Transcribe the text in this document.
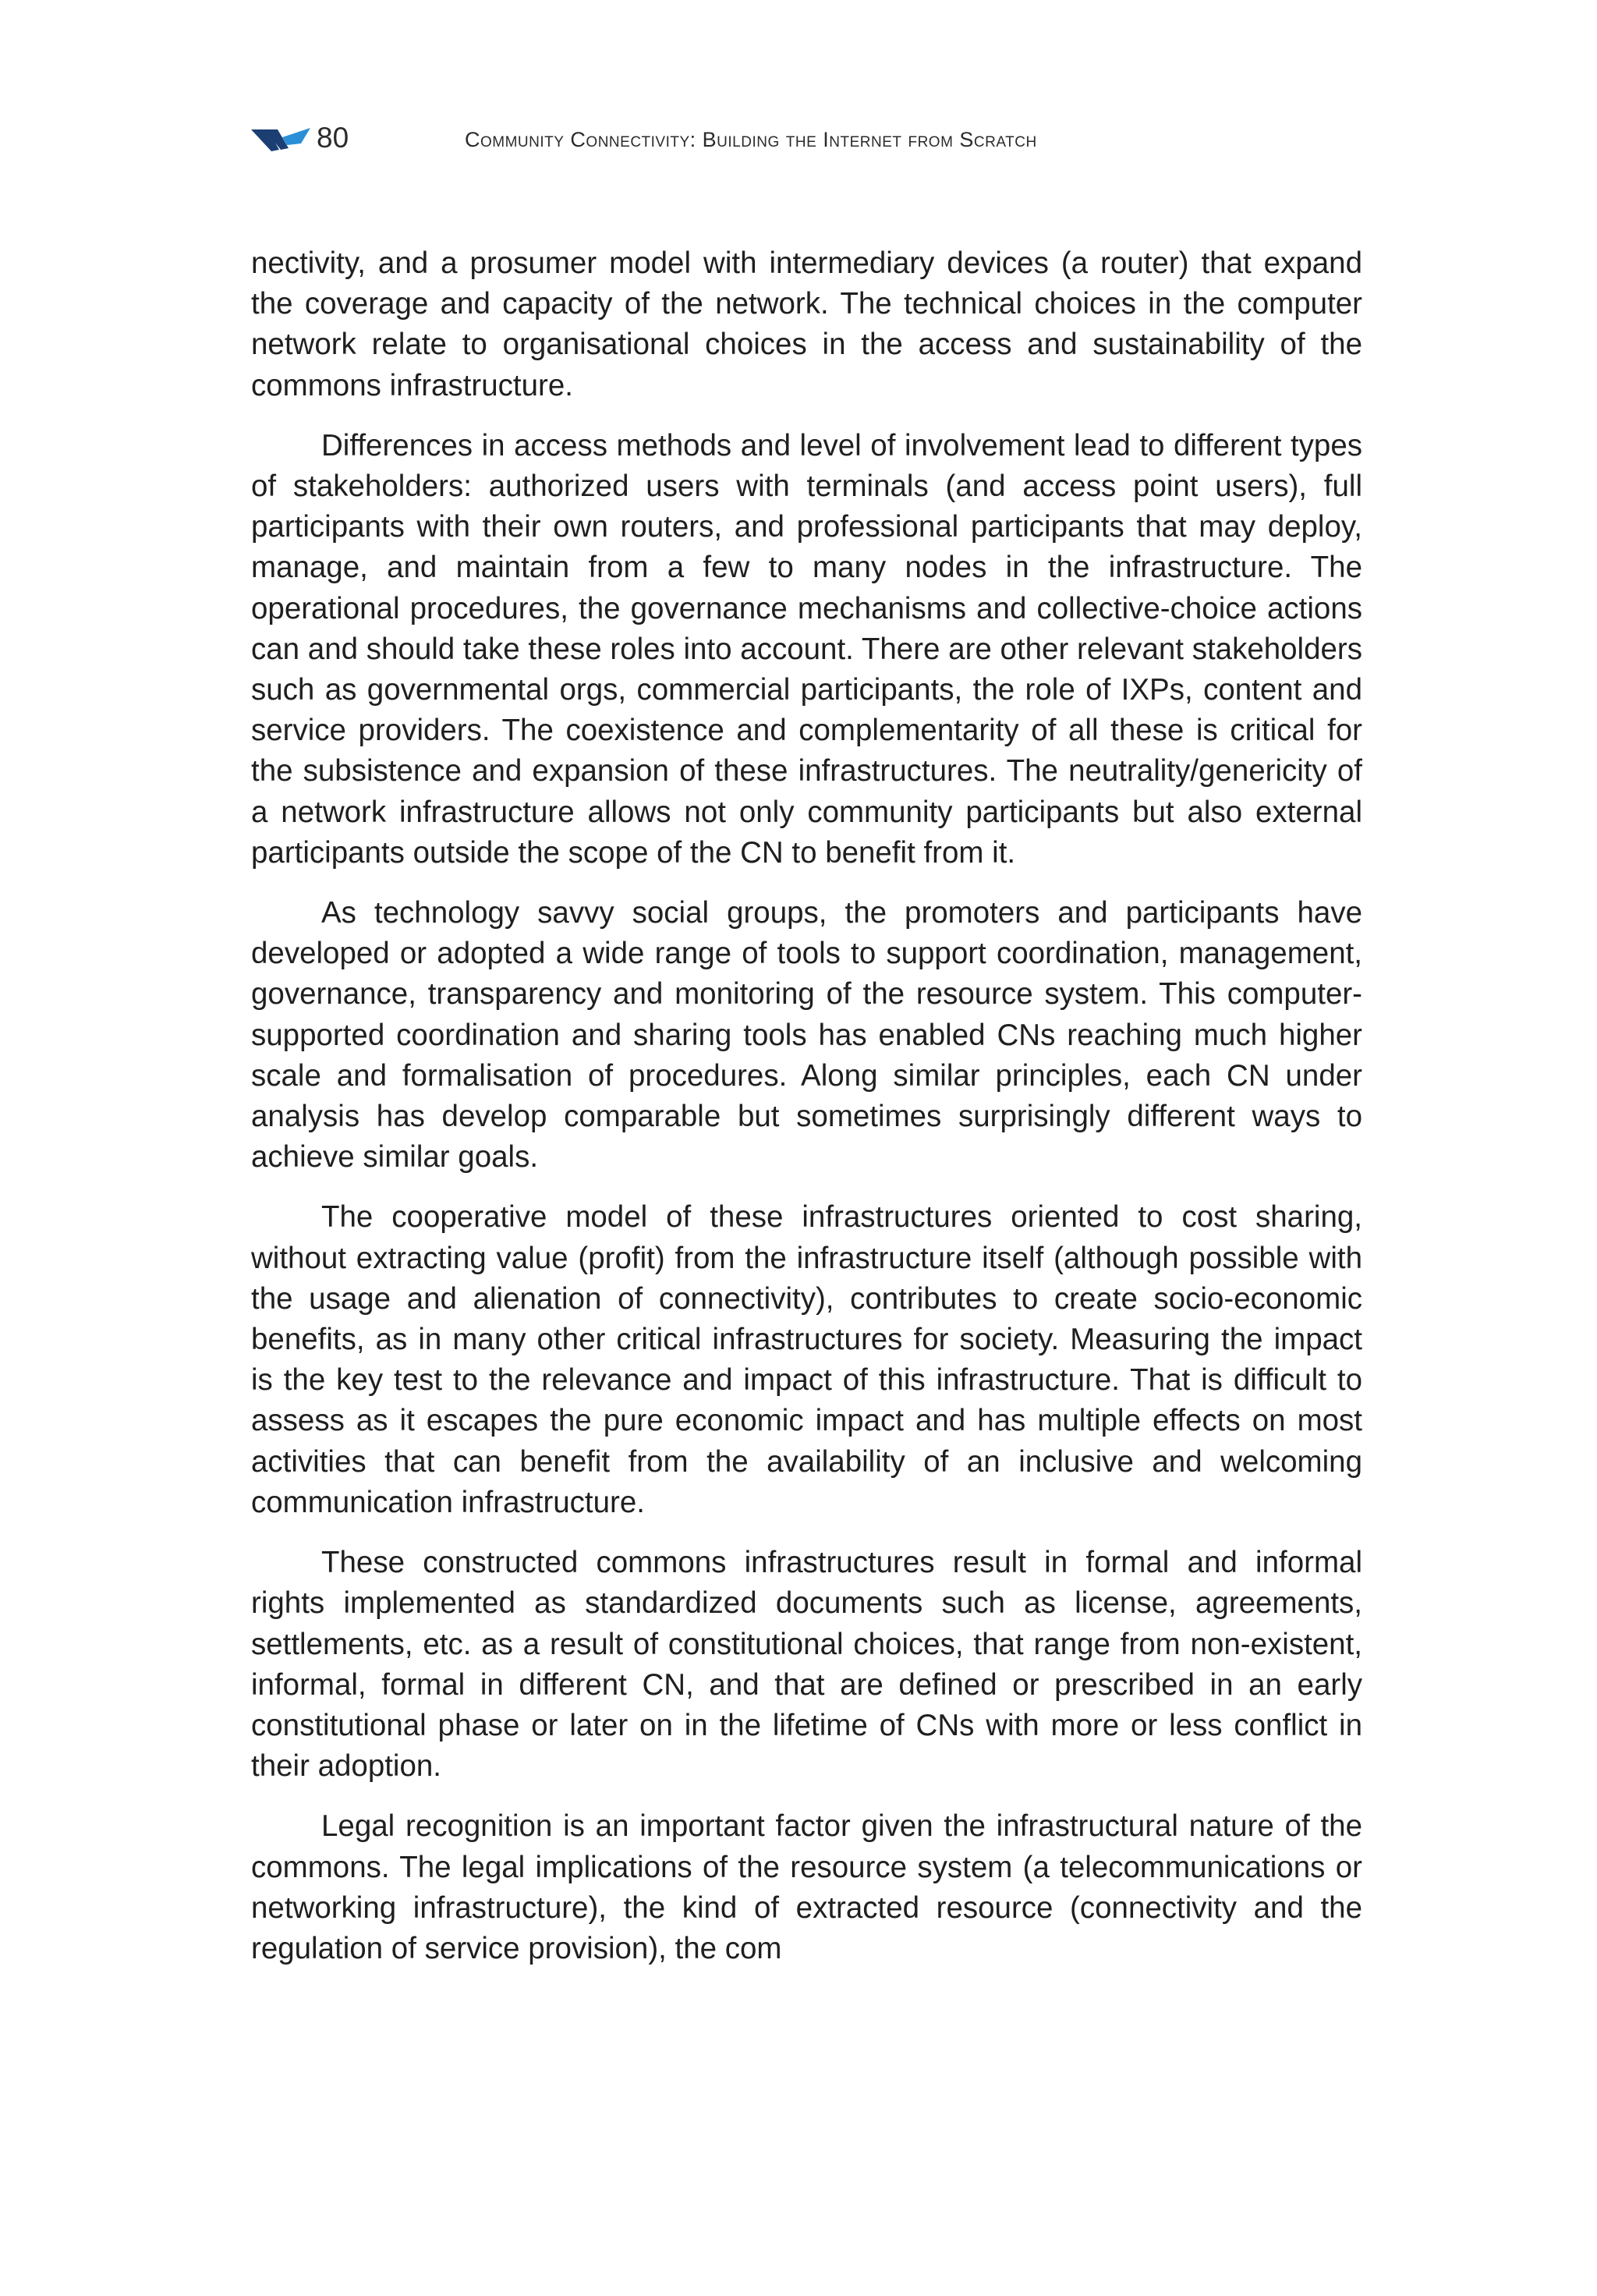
80	Community Connectivity: Building the Internet from Scratch

nectivity, and a prosumer model with intermediary devices (a router) that expand the coverage and capacity of the network. The technical choices in the computer network relate to organisational choices in the access and sustainability of the commons infrastructure.

Differences in access methods and level of involvement lead to different types of stakeholders: authorized users with terminals (and access point users), full participants with their own routers, and professional participants that may deploy, manage, and maintain from a few to many nodes in the infrastructure. The operational procedures, the governance mechanisms and collective-choice actions can and should take these roles into account. There are other relevant stakeholders such as governmental orgs, commercial participants, the role of IXPs, content and service providers. The coexistence and complementarity of all these is critical for the subsistence and expansion of these infrastructures. The neutrality/genericity of a network infrastructure allows not only community participants but also external participants outside the scope of the CN to benefit from it.

As technology savvy social groups, the promoters and participants have developed or adopted a wide range of tools to support coordination, management, governance, transparency and monitoring of the resource system. This computer-supported coordination and sharing tools has enabled CNs reaching much higher scale and formalisation of procedures. Along similar principles, each CN under analysis has develop comparable but sometimes surprisingly different ways to achieve similar goals.

The cooperative model of these infrastructures oriented to cost sharing, without extracting value (profit) from the infrastructure itself (although possible with the usage and alienation of connectivity), contributes to create socio-economic benefits, as in many other critical infrastructures for society. Measuring the impact is the key test to the relevance and impact of this infrastructure. That is difficult to assess as it escapes the pure economic impact and has multiple effects on most activities that can benefit from the availability of an inclusive and welcoming communication infrastructure.

These constructed commons infrastructures result in formal and informal rights implemented as standardized documents such as license, agreements, settlements, etc. as a result of constitutional choices, that range from non-existent, informal, formal in different CN, and that are defined or prescribed in an early constitutional phase or later on in the lifetime of CNs with more or less conflict in their adoption.

Legal recognition is an important factor given the infrastructural nature of the commons. The legal implications of the resource system (a telecommunications or networking infrastructure), the kind of extracted resource (connectivity and the regulation of service provision), the com
